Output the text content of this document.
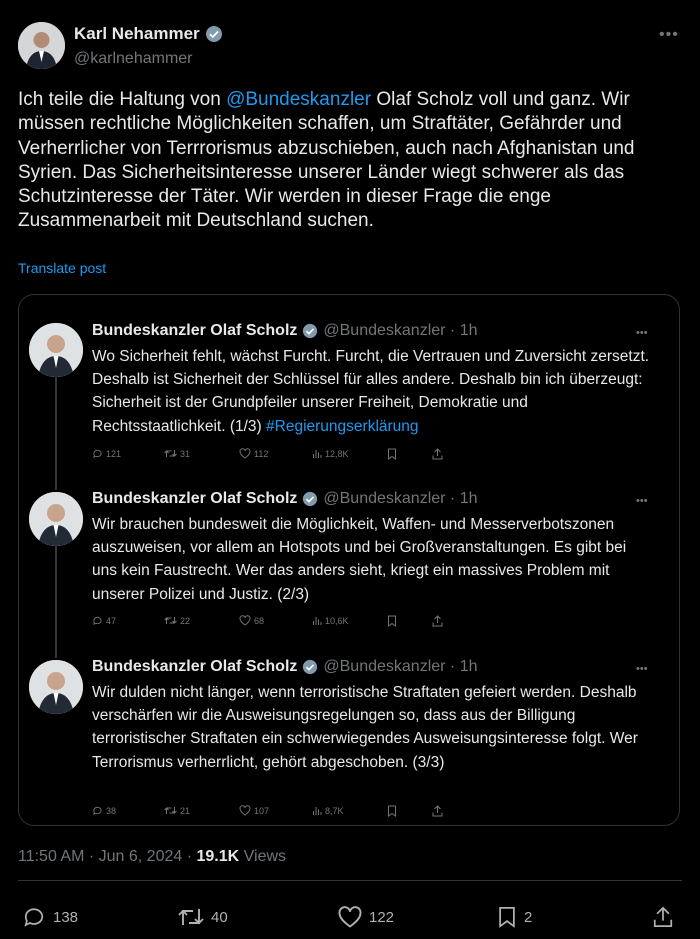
Karl Nehammer
@karlnehammer
•••
Ich teile die Haltung von @Bundeskanzler Olaf Scholz voll und ganz. Wir müssen rechtliche Möglichkeiten schaffen, um Straftäter, Gefährder und Verherrlicher von Terrrorismus abzuschieben, auch nach Afghanistan und Syrien. Das Sicherheitsinteresse unserer Länder wiegt schwerer als das Schutzinteresse der Täter. Wir werden in dieser Frage die enge Zusammenarbeit mit Deutschland suchen.
Translate post
Bundeskanzler Olaf Scholz @Bundeskanzler · 1h	•••
Wo Sicherheit fehlt, wächst Furcht. Furcht, die Vertrauen und Zuversicht zersetzt. Deshalb ist Sicherheit der Schlüssel für alles andere. Deshalb bin ich überzeugt: Sicherheit ist der Grundpfeiler unserer Freiheit, Demokratie und Rechtsstaatlichkeit. (1/3) #Regierungserklärung
121	31	112	12,8K
Bundeskanzler Olaf Scholz @Bundeskanzler · 1h	•••
Wir brauchen bundesweit die Möglichkeit, Waffen- und Messerverbotszonen auszuweisen, vor allem an Hotspots und bei Großveranstaltungen. Es gibt bei uns kein Faustrecht. Wer das anders sieht, kriegt ein massives Problem mit unserer Polizei und Justiz. (2/3)
47	22	68	10,6K
Bundeskanzler Olaf Scholz @Bundeskanzler · 1h	•••
Wir dulden nicht länger, wenn terroristische Straftaten gefeiert werden. Deshalb verschärfen wir die Ausweisungsregelungen so, dass aus der Billigung terroristischer Straftaten ein schwerwiegendes Ausweisungsinteresse folgt. Wer Terrorismus verherrlicht, gehört abgeschoben. (3/3)
38	21	107	8,7K
11:50 AM · Jun 6, 2024 · 19.1K Views
138	40	122	2
